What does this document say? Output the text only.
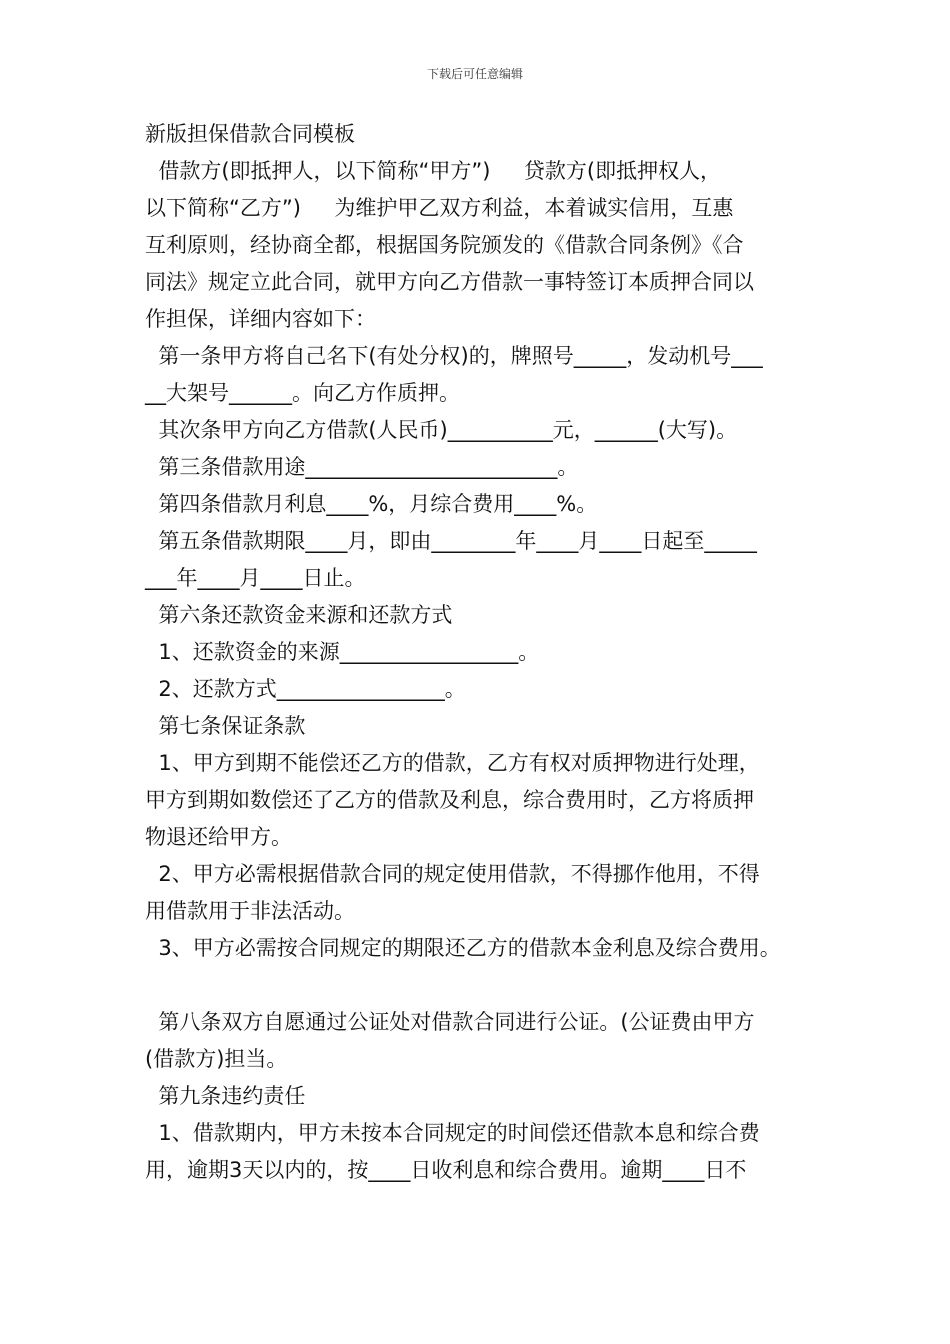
下载后可任意编辑
新版担保借款合同模板
借款方(即抵押人，以下简称“甲方”)     贷款方(即抵押权人，
以下简称“乙方”)     为维护甲乙双方利益，本着诚实信用，互惠
互利原则，经协商全都，根据国务院颁发的《借款合同条例》《合
同法》规定立此合同，就甲方向乙方借款一事特签订本质押合同以
作担保，详细内容如下：
第一条甲方将自己名下(有处分权)的，牌照号_____，发动机号___
__大架号______。向乙方作质押。
其次条甲方向乙方借款(人民币)__________元，______(大写)。
第三条借款用途________________________。
第四条借款月利息____%，月综合费用____%。
第五条借款期限____月，即由________年____月____日起至_____
___年____月____日止。
第六条还款资金来源和还款方式
1、还款资金的来源_________________。
2、还款方式________________。
第七条保证条款
1、甲方到期不能偿还乙方的借款，乙方有权对质押物进行处理，
甲方到期如数偿还了乙方的借款及利息，综合费用时，乙方将质押
物退还给甲方。
2、甲方必需根据借款合同的规定使用借款，不得挪作他用，不得
用借款用于非法活动。
3、甲方必需按合同规定的期限还乙方的借款本金利息及综合费用。
第八条双方自愿通过公证处对借款合同进行公证。(公证费由甲方
(借款方)担当。
第九条违约责任
1、借款期内，甲方未按本合同规定的时间偿还借款本息和综合费
用，逾期3天以内的，按____日收利息和综合费用。逾期____日不
